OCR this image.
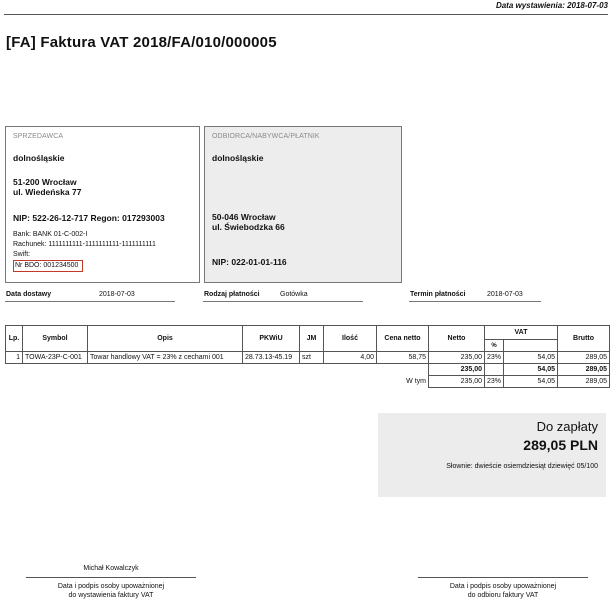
Data wystawienia: 2018-07-03
[FA] Faktura VAT 2018/FA/010/000005
SPRZEDAWCA
dolnośląskie
51-200 Wrocław
ul. Wiedeńska 77
NIP: 522-26-12-717 Regon: 017293003
Bank: BANK 01-C-002-I
Rachunek: 1111111111-1111111111-1111111111
Swift:
Nr BDO: 001234500
ODBIORCA/NABYWCA/PŁATNIK
dolnośląskie
50-046 Wrocław
ul. Świebodzka 66
NIP: 022-01-01-116
Data dostawy	2018-07-03	Rodzaj płatności	Gotówka	Termin płatności	2018-07-03
Lp.	Symbol	Opis	PKWiU	JM	Ilość	Cena netto	Netto	VAT		Brutto
								%		
1	TOWA-23P-C-001	Towar handlowy VAT = 23% z cechami 001	28.73.13-45.19	szt	4,00	58,75	235,00	23%	54,05	289,05
							235,00		54,05	289,05
W tym							235,00	23%	54,05	289,05
Do zapłaty
289,05 PLN
Słownie: dwieście osiemdziesiąt dziewięć 05/100
Michał Kowalczyk
Data i podpis osoby upoważnionej
do wystawienia faktury VAT
Data i podpis osoby upoważnionej
do odbioru faktury VAT
